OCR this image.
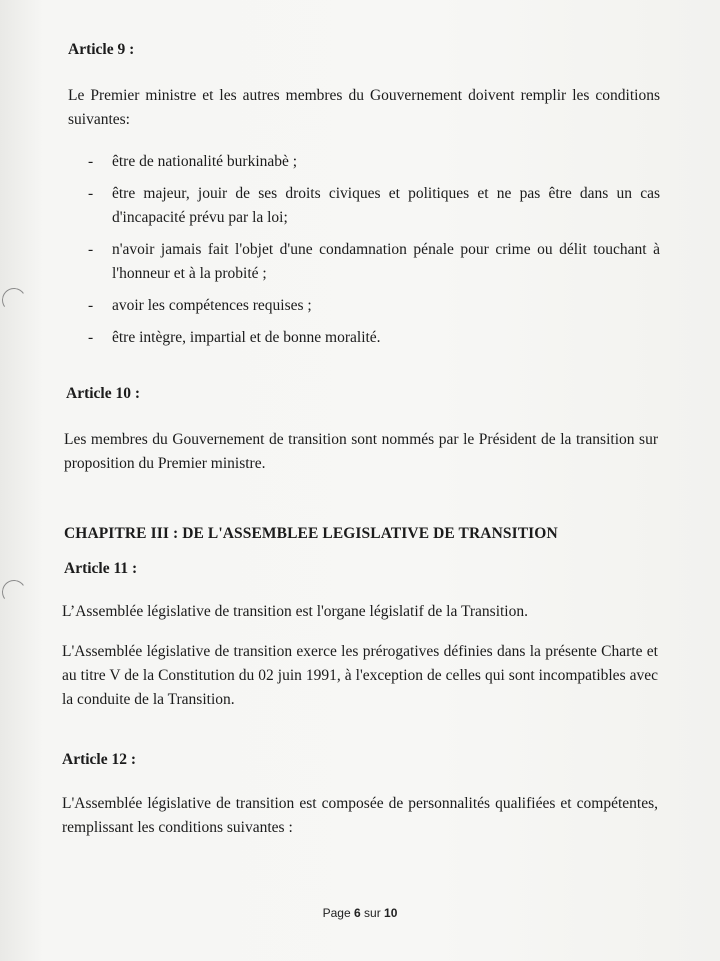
Article 9 :
Le Premier ministre et les autres membres du Gouvernement doivent remplir les conditions suivantes:
- être de nationalité burkinabè ;
- être majeur, jouir de ses droits civiques et politiques et ne pas être dans un cas d'incapacité prévu par la loi;
- n'avoir jamais fait l'objet d'une condamnation pénale pour crime ou délit touchant à l'honneur et à la probité ;
- avoir les compétences requises ;
- être intègre, impartial et de bonne moralité.
Article 10 :
Les membres du Gouvernement de transition sont nommés par le Président de la transition sur proposition du Premier ministre.
CHAPITRE III : DE L'ASSEMBLEE LEGISLATIVE DE TRANSITION
Article 11 :
L’Assemblée législative de transition est l'organe législatif de la Transition.
L'Assemblée législative de transition exerce les prérogatives définies dans la présente Charte et au titre V de la Constitution du 02 juin 1991, à l'exception de celles qui sont incompatibles avec la conduite de la Transition.
Article 12 :
L'Assemblée législative de transition est composée de personnalités qualifiées et compétentes, remplissant les conditions suivantes :
Page 6 sur 10
